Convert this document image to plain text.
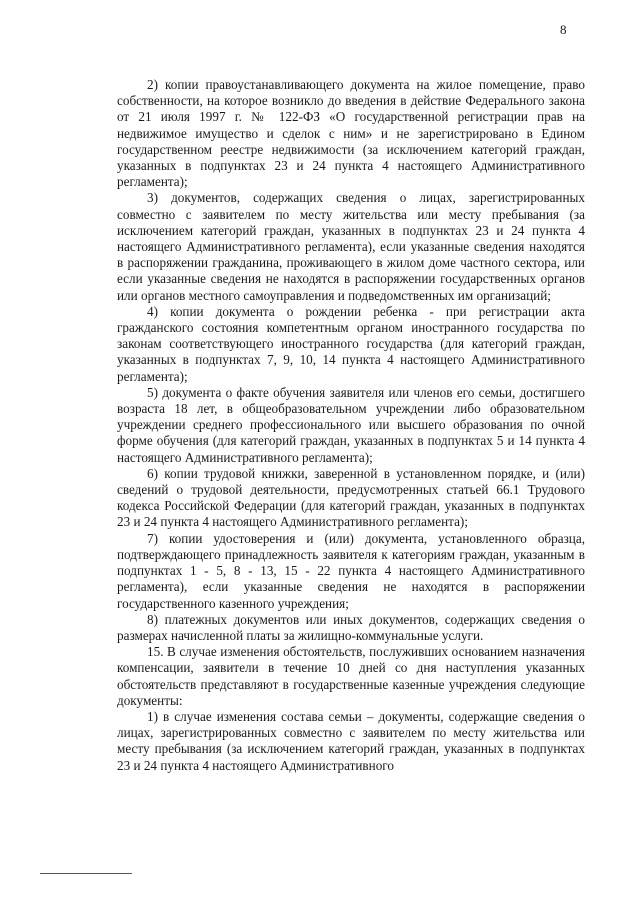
8

2) копии правоустанавливающего документа на жилое помещение, право собственности, на которое возникло до введения в действие Федерального закона от 21 июля 1997 г. № 122-ФЗ «О государственной регистрации прав на недвижимое имущество и сделок с ним» и не зарегистрировано в Едином государственном реестре недвижимости (за исключением категорий граждан, указанных в подпунктах 23 и 24 пункта 4 настоящего Административного регламента);

3) документов, содержащих сведения о лицах, зарегистрированных совместно с заявителем по месту жительства или месту пребывания (за исключением категорий граждан, указанных в подпунктах 23 и 24 пункта 4 настоящего Административного регламента), если указанные сведения находятся в распоряжении гражданина, проживающего в жилом доме частного сектора, или если указанные сведения не находятся в распоряжении государственных органов или органов местного самоуправления и подведомственных им организаций;

4) копии документа о рождении ребенка - при регистрации акта гражданского состояния компетентным органом иностранного государства по законам соответствующего иностранного государства (для категорий граждан, указанных в подпунктах 7, 9, 10, 14 пункта 4 настоящего Административного регламента);

5) документа о факте обучения заявителя или членов его семьи, достигшего возраста 18 лет, в общеобразовательном учреждении либо образовательном учреждении среднего профессионального или высшего образования по очной форме обучения (для категорий граждан, указанных в подпунктах 5 и 14 пункта 4 настоящего Административного регламента);

6) копии трудовой книжки, заверенной в установленном порядке, и (или) сведений о трудовой деятельности, предусмотренных статьей 66.1 Трудового кодекса Российской Федерации (для категорий граждан, указанных в подпунктах 23 и 24 пункта 4 настоящего Административного регламента);

7) копии удостоверения и (или) документа, установленного образца, подтверждающего принадлежность заявителя к категориям граждан, указанным в подпунктах 1 - 5, 8 - 13, 15 - 22 пункта 4 настоящего Административного регламента), если указанные сведения не находятся в распоряжении государственного казенного учреждения;

8) платежных документов или иных документов, содержащих сведения о размерах начисленной платы за жилищно-коммунальные услуги.

15. В случае изменения обстоятельств, послуживших основанием назначения компенсации, заявители в течение 10 дней со дня наступления указанных обстоятельств представляют в государственные казенные учреждения следующие документы:

1) в случае изменения состава семьи – документы, содержащие сведения о лицах, зарегистрированных совместно с заявителем по месту жительства или месту пребывания (за исключением категорий граждан, указанных в подпунктах 23 и 24 пункта 4 настоящего Административного
